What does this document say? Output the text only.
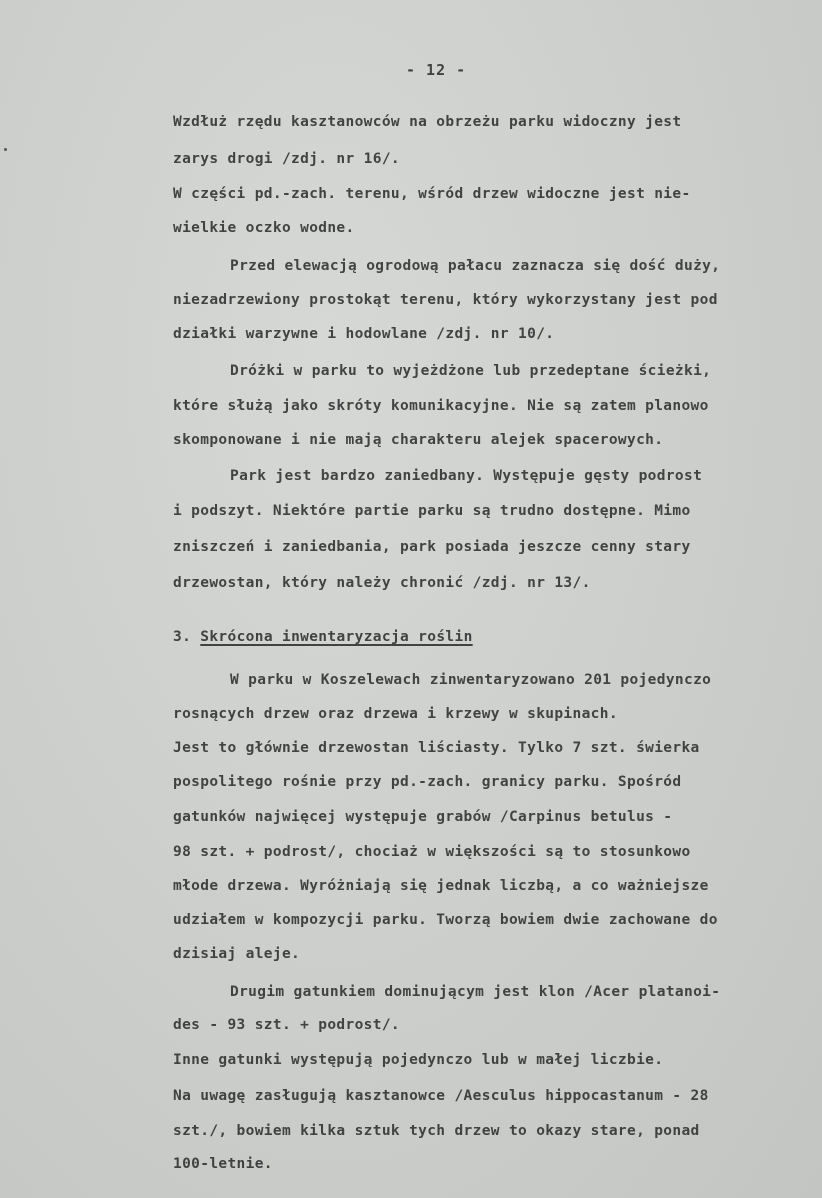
- 12 -
Wzdłuż rzędu kasztanowców na obrzeżu parku widoczny jest
zarys drogi /zdj. nr 16/.
W części pd.-zach. terenu, wśród drzew widoczne jest nie-
wielkie oczko wodne.
Przed elewacją ogrodową pałacu zaznacza się dość duży,
niezadrzewiony prostokąt terenu, który wykorzystany jest pod
działki warzywne i hodowlane /zdj. nr 10/.
Dróżki w parku to wyjeżdżone lub przedeptane ścieżki,
które służą jako skróty komunikacyjne. Nie są zatem planowo
skomponowane i nie mają charakteru alejek spacerowych.
Park jest bardzo zaniedbany. Występuje gęsty podrost
i podszyt. Niektóre partie parku są trudno dostępne. Mimo
zniszczeń i zaniedbania, park posiada jeszcze cenny stary
drzewostan, który należy chronić /zdj. nr 13/.
3. Skrócona inwentaryzacja roślin
W parku w Koszelewach zinwentaryzowano 201 pojedynczo
rosnących drzew oraz drzewa i krzewy w skupinach.
Jest to głównie drzewostan liściasty. Tylko 7 szt. świerka
pospolitego rośnie przy pd.-zach. granicy parku. Spośród
gatunków najwięcej występuje grabów /Carpinus betulus -
98 szt. + podrost/, chociaż w większości są to stosunkowo
młode drzewa. Wyróżniają się jednak liczbą, a co ważniejsze
udziałem w kompozycji parku. Tworzą bowiem dwie zachowane do
dzisiaj aleje.
Drugim gatunkiem dominującym jest klon /Acer platanoi-
des - 93 szt. + podrost/.
Inne gatunki występują pojedynczo lub w małej liczbie.
Na uwagę zasługują kasztanowce /Aesculus hippocastanum - 28
szt./, bowiem kilka sztuk tych drzew to okazy stare, ponad
100-letnie.
